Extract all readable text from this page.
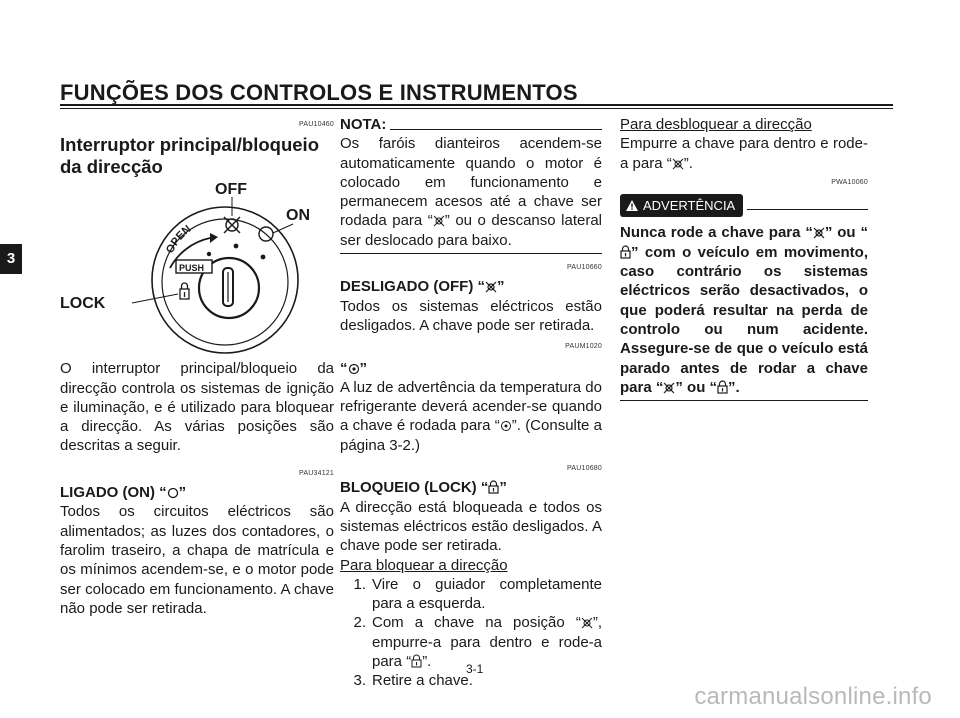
FUNÇÕES DOS CONTROLOS E INSTRUMENTOS
3
PAU10460
Interruptor principal/bloqueio da direcção
OPEN
PUSH
OFF
ON
LOCK
O interruptor principal/bloqueio da direcção controla os sistemas de ignição e iluminação, e é utilizado para bloquear a direcção. As várias posições são descritas a seguir.
PAU34121
LIGADO (ON) “ ”
Todos os circuitos eléctricos são alimentados; as luzes dos contadores, o farolim traseiro, a chapa de matrícula e os mínimos acendem-se, e o motor pode ser colocado em funcionamento. A chave não pode ser retirada.
NOTA:
Os faróis dianteiros acendem-se automaticamente quando o motor é colocado em funcionamento e permanecem acesos até a chave ser rodada para “ ” ou o descanso lateral ser deslocado para baixo.
PAU10660
DESLIGADO (OFF) “ ”
Todos os sistemas eléctricos estão desligados. A chave pode ser retirada.
PAUM1020
“ ”
A luz de advertência da temperatura do refrigerante deverá acender-se quando a chave é rodada para “ ”. (Consulte a página 3-2.)
PAU10680
BLOQUEIO (LOCK) “ ”
A direcção está bloqueada e todos os sistemas eléctricos estão desligados. A chave pode ser retirada.
Para bloquear a direcção
1. Vire o guiador completamente para a esquerda.
2. Com a chave na posição “ ”, empurre-a para dentro e rode-a para “ ”.
3. Retire a chave.
Para desbloquear a direcção
Empurre a chave para dentro e rode-a para “ ”.
PWA10060
ADVERTÊNCIA
Nunca rode a chave para “ ” ou “” com o veículo em movimento, caso contrário os sistemas eléctricos serão desactivados, o que poderá resultar na perda de controlo ou num acidente. Assegure-se de que o veículo está parado antes de rodar a chave para “ ” ou “ ”.
3-1
carmanualsonline.info
